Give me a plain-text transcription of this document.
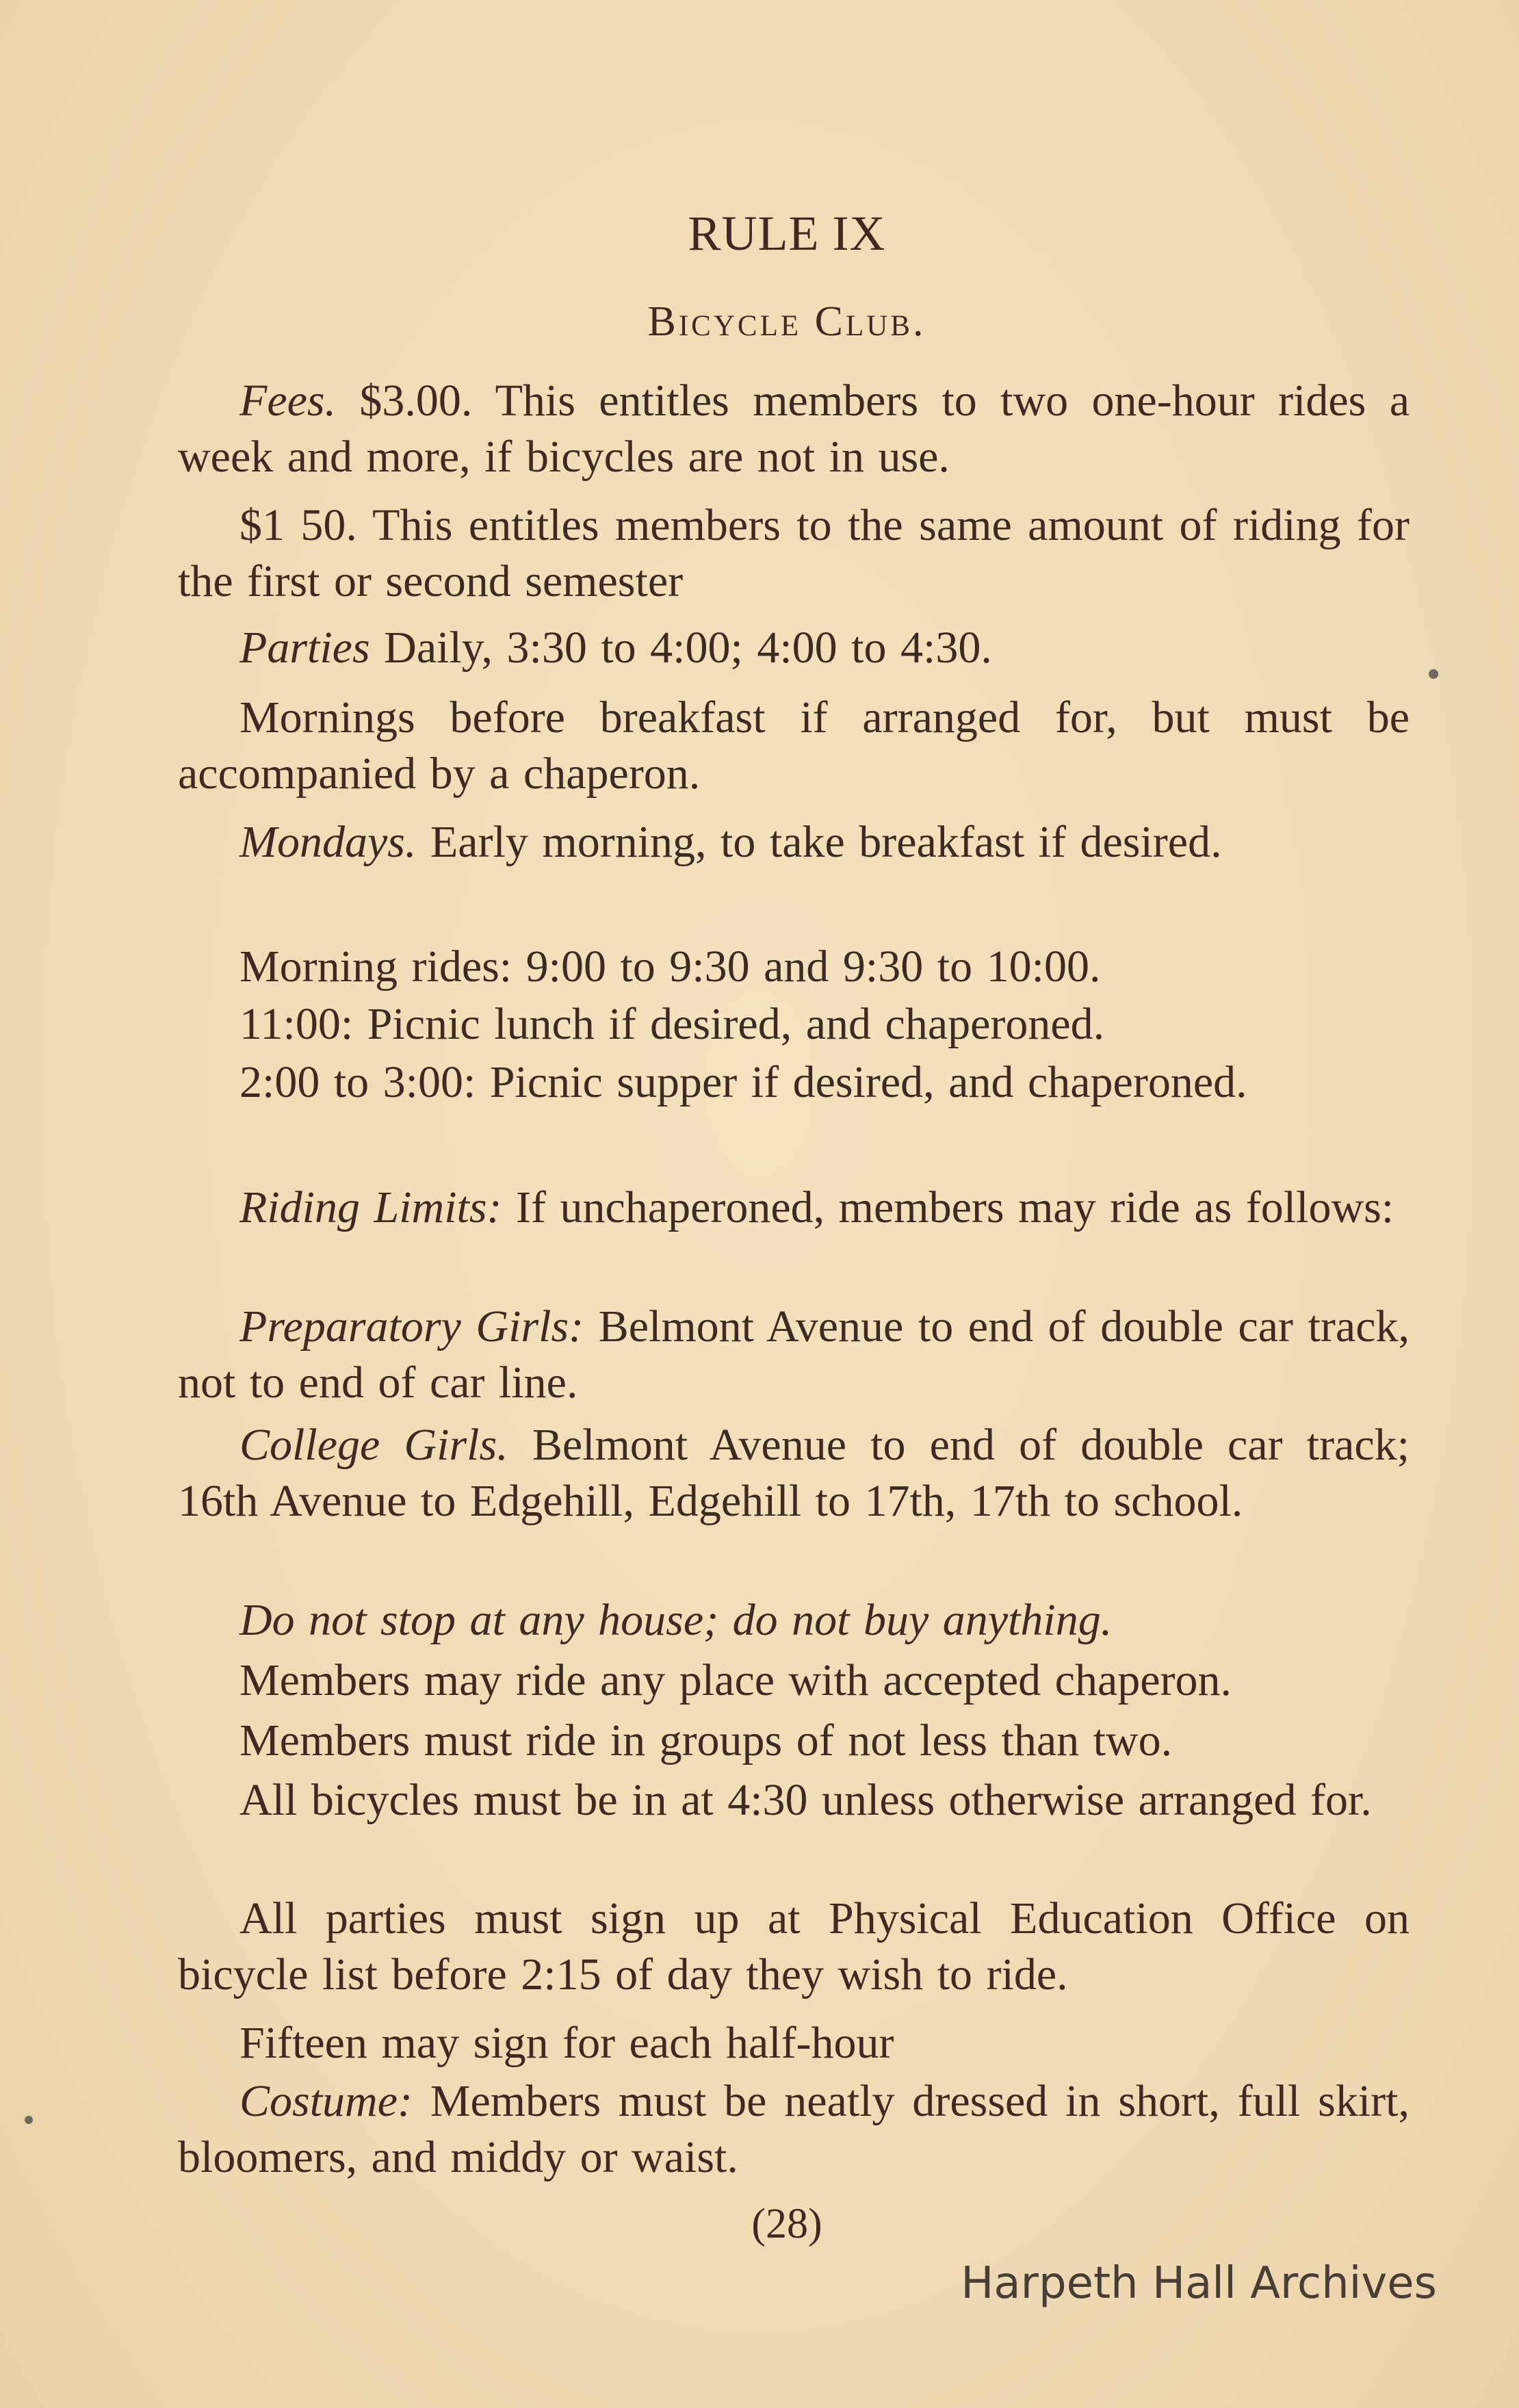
RULE IX
Bicycle Club.
Fees. $3.00. This entitles members to two one-hour rides a week and more, if bicycles are not in use.
$1 50. This entitles members to the same amount of riding for the first or second semester
Parties Daily, 3:30 to 4:00; 4:00 to 4:30.
Mornings before breakfast if arranged for, but must be accompanied by a chaperon.
Mondays. Early morning, to take breakfast if desired.
Morning rides: 9:00 to 9:30 and 9:30 to 10:00.
11:00: Picnic lunch if desired, and chaperoned.
2:00 to 3:00: Picnic supper if desired, and chaperoned.
Riding Limits: If unchaperoned, members may ride as follows:
Preparatory Girls: Belmont Avenue to end of double car track, not to end of car line.
College Girls. Belmont Avenue to end of double car track; 16th Avenue to Edgehill, Edgehill to 17th, 17th to school.
Do not stop at any house; do not buy anything.
Members may ride any place with accepted chaperon.
Members must ride in groups of not less than two.
All bicycles must be in at 4:30 unless otherwise arranged for.
All parties must sign up at Physical Education Office on bicycle list before 2:15 of day they wish to ride.
Fifteen may sign for each half-hour
Costume: Members must be neatly dressed in short, full skirt, bloomers, and middy or waist.
(28)
Harpeth Hall Archives
